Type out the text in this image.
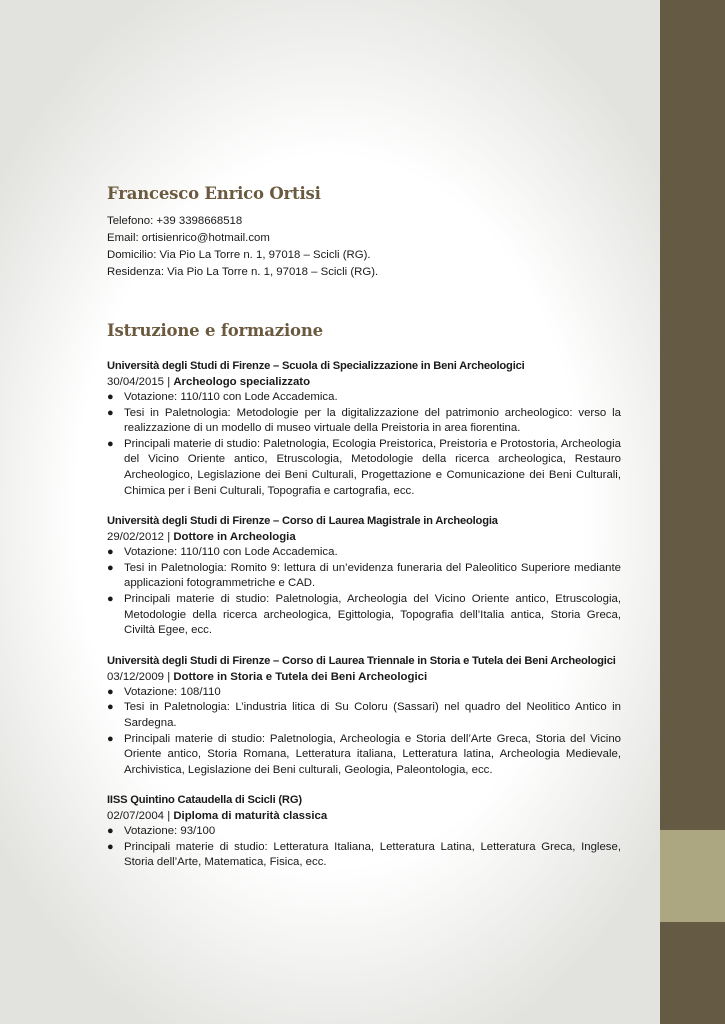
Francesco Enrico Ortisi

Telefono: +39 3398668518

Email: ortisienrico@hotmail.com

Domicilio: Via Pio La Torre n. 1, 97018 – Scicli (RG).

Residenza: Via Pio La Torre n. 1, 97018 – Scicli (RG).

Istruzione e formazione
Università degli Studi di Firenze – Scuola di Specializzazione in Beni Archeologici
30/04/2015 | Archeologo specializzato
● Votazione: 110/110 con Lode Accademica.
● Tesi in Paletnologia: Metodologie per la digitalizzazione del patrimonio archeologico: verso la realizzazione di un modello di museo virtuale della Preistoria in area fiorentina.
● Principali materie di studio: Paletnologia, Ecologia Preistorica, Preistoria e Protostoria, Archeologia del Vicino Oriente antico, Etruscologia, Metodologie della ricerca archeologica, Restauro Archeologico, Legislazione dei Beni Culturali, Progettazione e Comunicazione dei Beni Culturali, Chimica per i Beni Culturali, Topografia e cartografia, ecc.
Università degli Studi di Firenze – Corso di Laurea Magistrale in Archeologia
29/02/2012 | Dottore in Archeologia
● Votazione: 110/110 con Lode Accademica.
● Tesi in Paletnologia: Romito 9: lettura di un’evidenza funeraria del Paleolitico Superiore mediante applicazioni fotogrammetriche e CAD.
● Principali materie di studio: Paletnologia, Archeologia del Vicino Oriente antico, Etruscologia, Metodologie della ricerca archeologica, Egittologia, Topografia dell’Italia antica, Storia Greca, Civiltà Egee, ecc.
Università degli Studi di Firenze – Corso di Laurea Triennale in Storia e Tutela dei Beni Archeologici
03/12/2009 | Dottore in Storia e Tutela dei Beni Archeologici
● Votazione: 108/110
● Tesi in Paletnologia: L’industria litica di Su Coloru (Sassari) nel quadro del Neolitico Antico in Sardegna.
● Principali materie di studio: Paletnologia, Archeologia e Storia dell’Arte Greca, Storia del Vicino Oriente antico, Storia Romana, Letteratura italiana, Letteratura latina, Archeologia Medievale, Archivistica, Legislazione dei Beni culturali, Geologia, Paleontologia, ecc.
IISS Quintino Cataudella di Scicli (RG)
02/07/2004 | Diploma di maturità classica
● Votazione: 93/100
● Principali materie di studio: Letteratura Italiana, Letteratura Latina, Letteratura Greca, Inglese, Storia dell’Arte, Matematica, Fisica, ecc.
